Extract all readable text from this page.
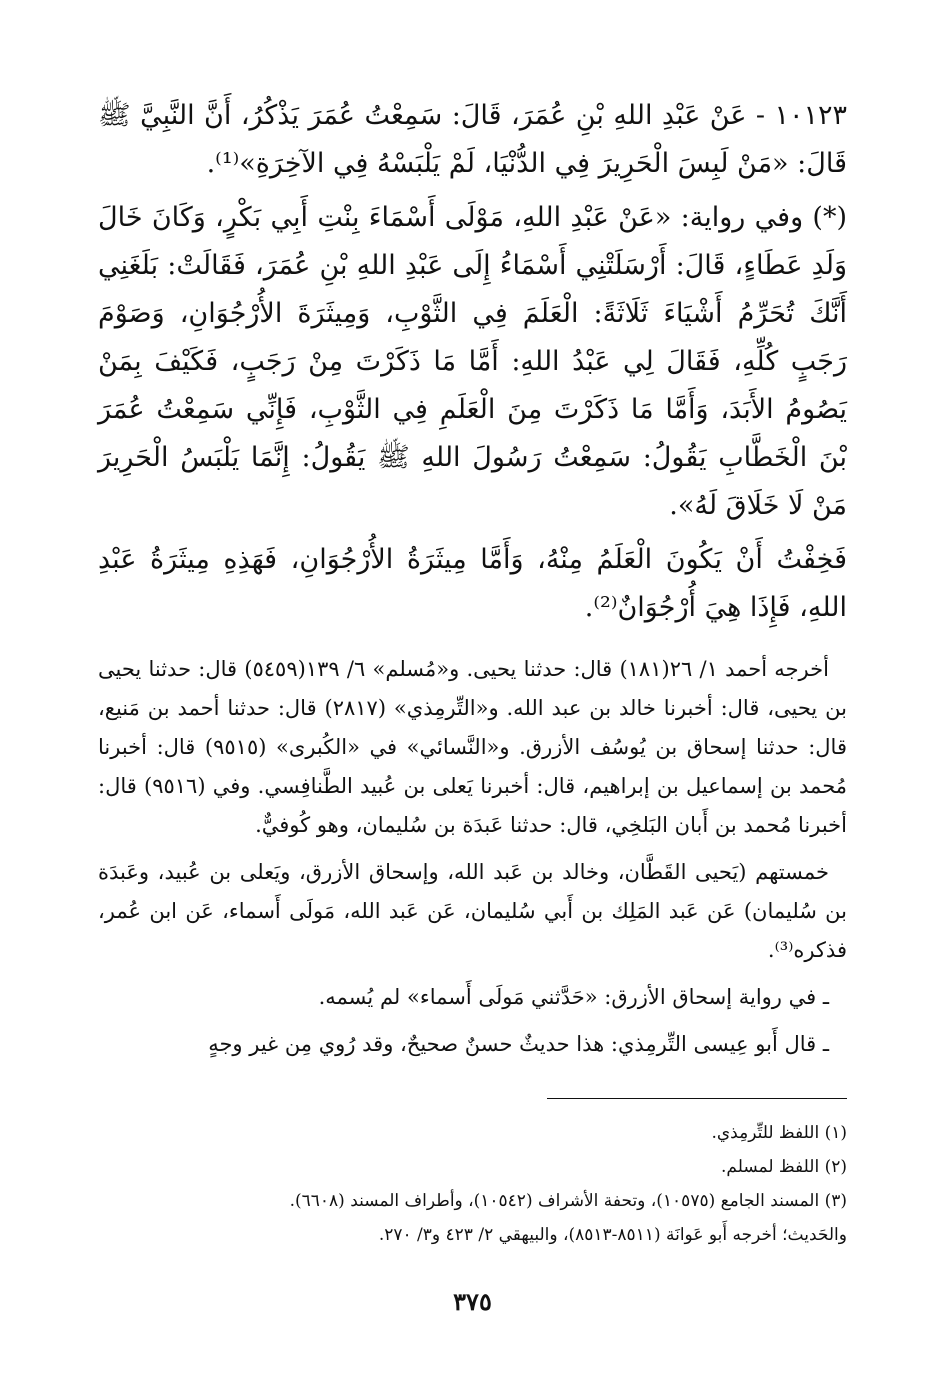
١٠١٢٣ - عَنْ عَبْدِ اللهِ بْنِ عُمَرَ، قَالَ: سَمِعْتُ عُمَرَ يَذْكُرُ، أَنَّ النَّبِيَّ ﷺ قَالَ: «مَنْ لَبِسَ الْحَرِيرَ فِي الدُّنْيَا، لَمْ يَلْبَسْهُ فِي الآخِرَةِ»⁽¹⁾.

(*) وفي رواية: «عَنْ عَبْدِ اللهِ، مَوْلَى أَسْمَاءَ بِنْتِ أَبِي بَكْرٍ، وَكَانَ خَالَ وَلَدِ عَطَاءٍ، قَالَ: أَرْسَلَتْنِي أَسْمَاءُ إِلَى عَبْدِ اللهِ بْنِ عُمَرَ، فَقَالَتْ: بَلَغَنِي أَنَّكَ تُحَرِّمُ أَشْيَاءَ ثَلَاثَةً: الْعَلَمَ فِي الثَّوْبِ، وَمِيثَرَةَ الأُرْجُوَانِ، وَصَوْمَ رَجَبٍ كُلِّهِ، فَقَالَ لِي عَبْدُ اللهِ: أَمَّا مَا ذَكَرْتَ مِنْ رَجَبٍ، فَكَيْفَ بِمَنْ يَصُومُ الأَبَدَ، وَأَمَّا مَا ذَكَرْتَ مِنَ الْعَلَمِ فِي الثَّوْبِ، فَإِنِّي سَمِعْتُ عُمَرَ بْنَ الْخَطَّابِ يَقُولُ: سَمِعْتُ رَسُولَ اللهِ ﷺ يَقُولُ: إِنَّمَا يَلْبَسُ الْحَرِيرَ مَنْ لَا خَلَاقَ لَهُ».

فَخِفْتُ أَنْ يَكُونَ الْعَلَمُ مِنْهُ، وَأَمَّا مِيثَرَةُ الأُرْجُوَانِ، فَهَذِهِ مِيثَرَةُ عَبْدِ اللهِ، فَإِذَا هِيَ أُرْجُوَانٌ⁽²⁾.

أخرجه أحمد ١/ ٢٦(١٨١) قال: حدثنا يحيى. و«مُسلم» ٦/ ١٣٩(٥٤٥٩) قال: حدثنا يحيى بن يحيى، قال: أخبرنا خالد بن عبد الله. و«التِّرمِذي» (٢٨١٧) قال: حدثنا أحمد بن مَنيع، قال: حدثنا إسحاق بن يُوسُف الأزرق. و«النَّسائي» في «الكُبرى» (٩٥١٥) قال: أخبرنا مُحمد بن إسماعيل بن إبراهيم، قال: أخبرنا يَعلى بن عُبيد الطَّنافِسي. وفي (٩٥١٦) قال: أخبرنا مُحمد بن أَبان البَلخِي، قال: حدثنا عَبدَة بن سُليمان، وهو كُوفيٌّ.

خمستهم (يَحيى القَطَّان، وخالد بن عَبد الله، وإسحاق الأزرق، ويَعلى بن عُبيد، وعَبدَة بن سُليمان) عَن عَبد المَلِك بن أَبي سُليمان، عَن عَبد الله، مَولَى أَسماء، عَن ابن عُمر، فذكره⁽³⁾.

ـ في رواية إسحاق الأزرق: «حَدَّثني مَولَى أَسماء» لم يُسمه.

ـ قال أَبو عِيسى التِّرمِذي: هذا حديثٌ حسنٌ صحيحٌ، وقد رُوي مِن غير وجهٍ

(١) اللفظ للتِّرمِذي.

(٢) اللفظ لمسلم.

(٣) المسند الجامع (١٠٥٧٥)، وتحفة الأشراف (١٠٥٤٢)، وأطراف المسند (٦٦٠٨).

والحَديث؛ أخرجه أَبو عَوانَة (٨٥١١-٨٥١٣)، والبيهقي ٢/ ٤٢٣ و٣/ ٢٧٠.

٣٧٥
